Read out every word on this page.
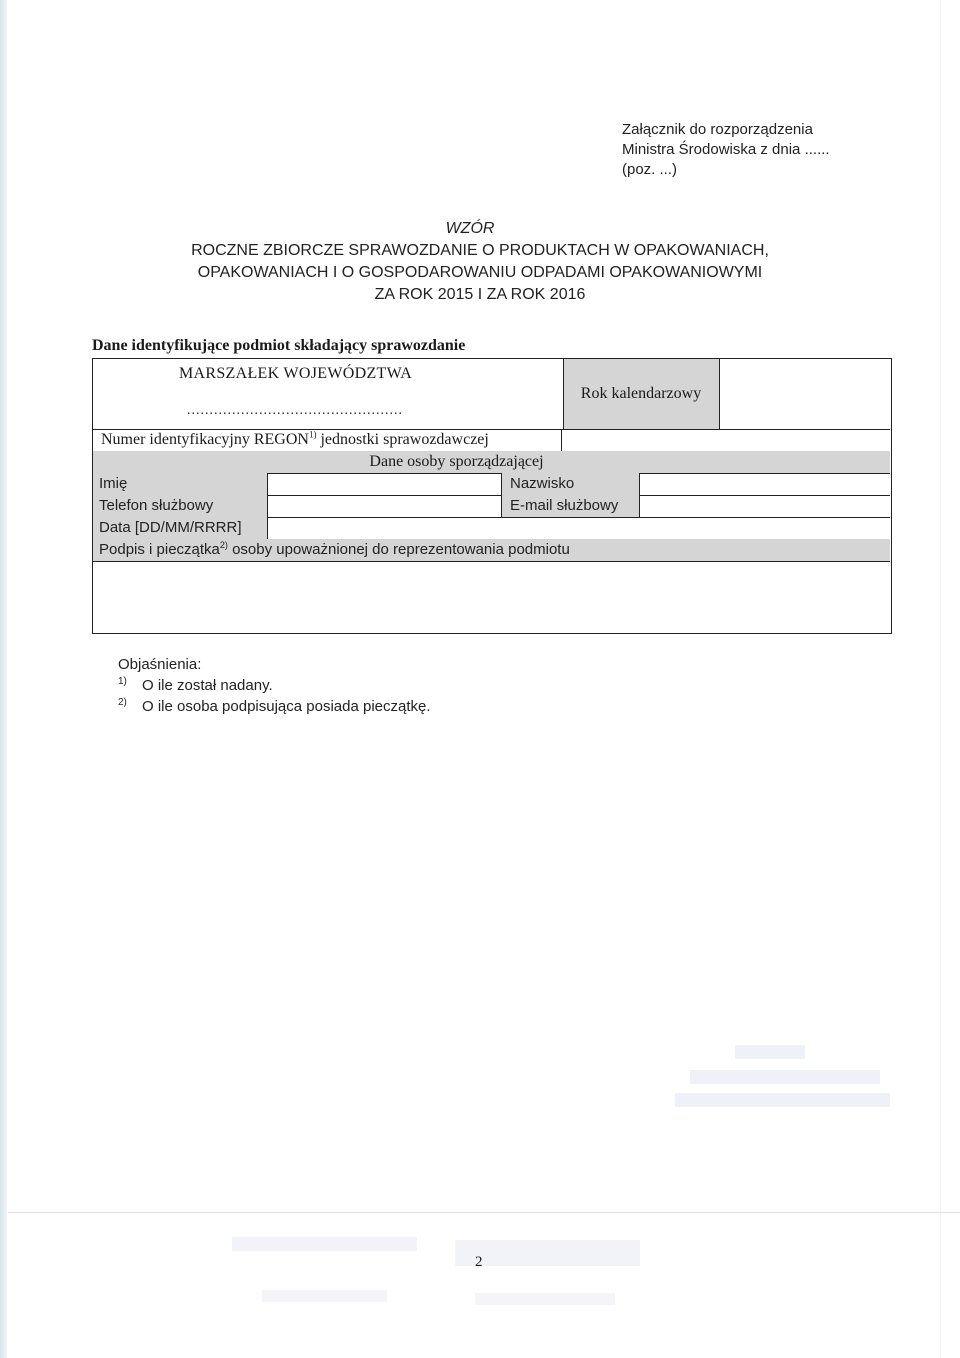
Załącznik do rozporządzenia
Ministra Środowiska z dnia ......
(poz. ...)
WZÓR
ROCZNE ZBIORCZE SPRAWOZDANIE O PRODUKTACH W OPAKOWANIACH,
OPAKOWANIACH I O GOSPODAROWANIU ODPADAMI OPAKOWANIOWYMI
ZA ROK 2015 I ZA ROK 2016
Dane identyfikujące podmiot składający sprawozdanie
MARSZAŁEK WOJEWÓDZTWA
................................................
Rok kalendarzowy
Numer identyfikacyjny REGON$^{1)}$ jednostki sprawozdawczej
Dane osoby sporządzającej
Imię	Nazwisko
Telefon służbowy	E-mail służbowy
Data [DD/MM/RRRR]
Podpis i pieczątka$^{2)}$ osoby upoważnionej do reprezentowania podmiotu
Objaśnienia:
1) O ile został nadany.
2) O ile osoba podpisująca posiada pieczątkę.
2
